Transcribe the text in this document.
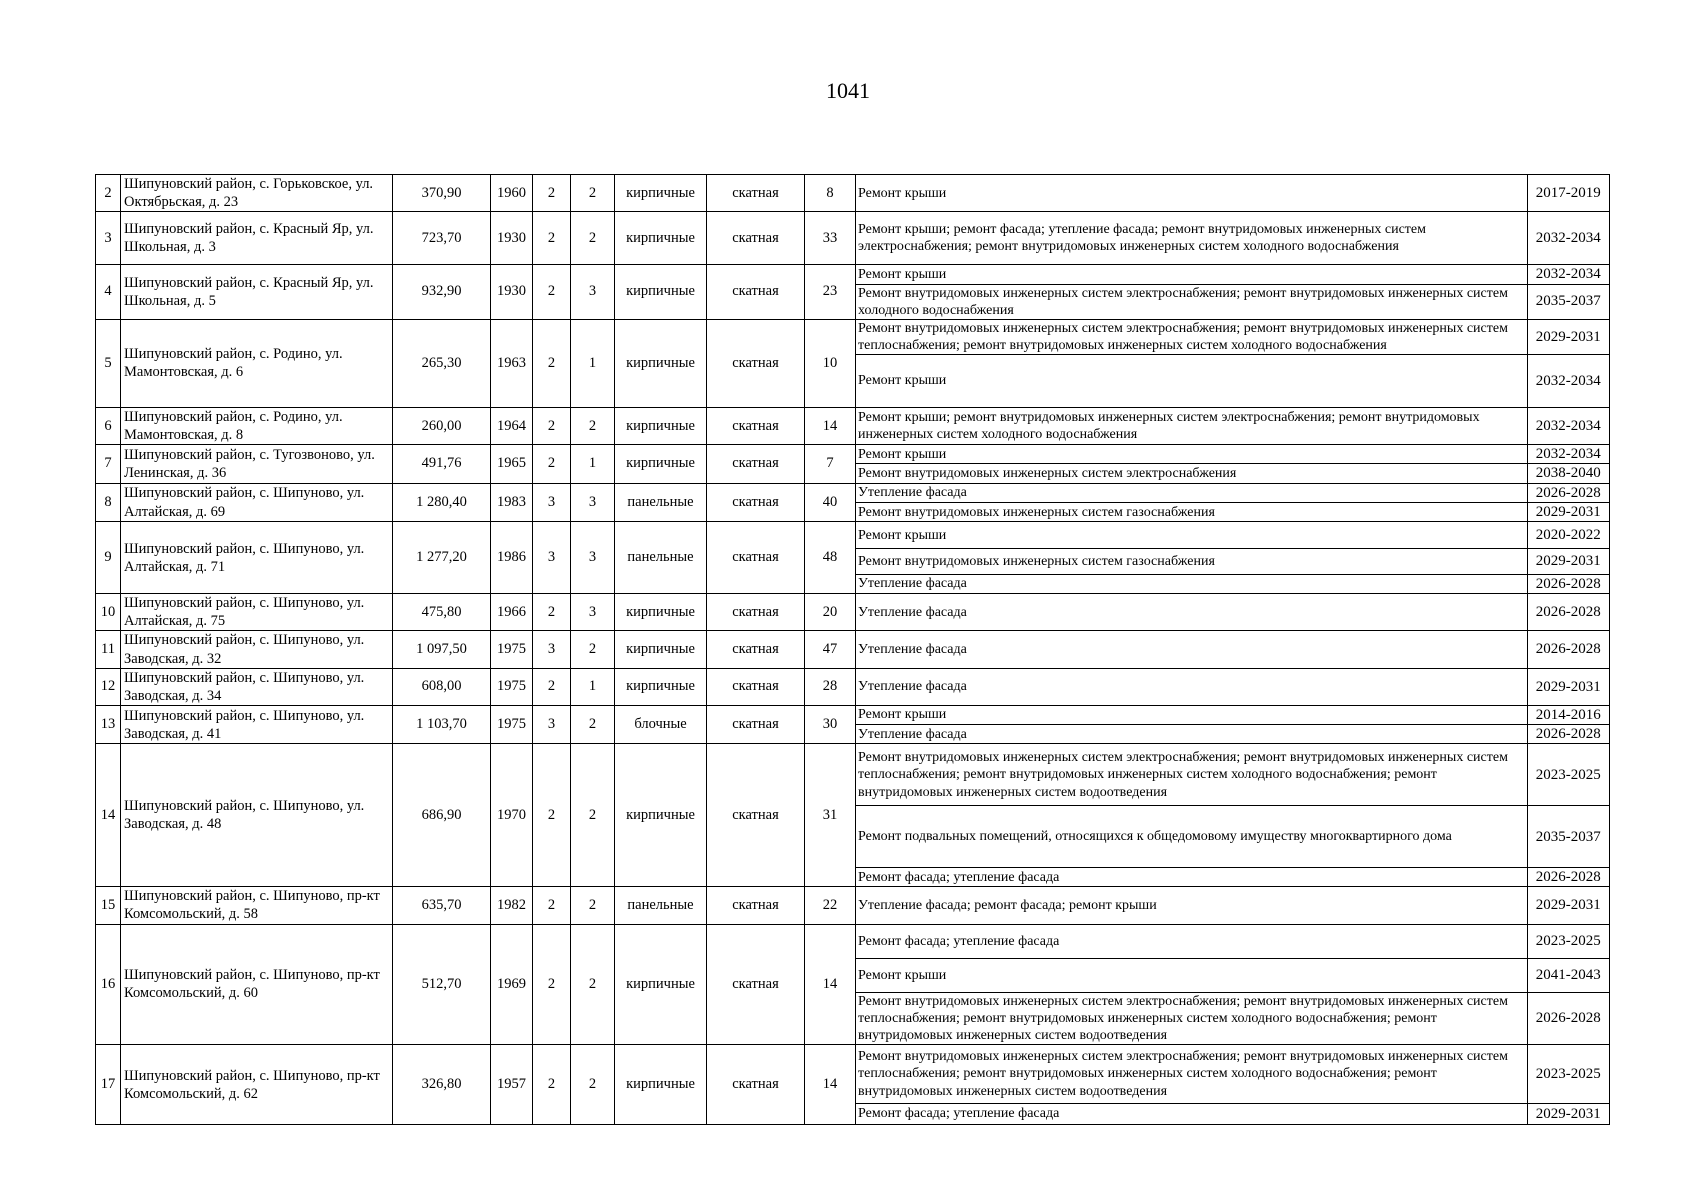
1041
2	Шипуновский район, с. Горьковское, ул. Октябрьская, д. 23	370,90	1960	2	2	кирпичные	скатная	8	Ремонт крыши	2017-2019

3	Шипуновский район, с. Красный Яр, ул. Школьная, д. 3	723,70	1930	2	2	кирпичные	скатная	33	
Ремонт крыши; ремонт фасада; утепление фасада; ремонт внутридомовых инженерных систем электроснабжения; ремонт внутридомовых инженерных систем холодного водоснабжения	2032-2034

4	Шипуновский район, с. Красный Яр, ул. Школьная, д. 5	932,90	1930	2	3	кирпичные	скатная	23	
Ремонт крыши	2032-2034
Ремонт внутридомовых инженерных систем электроснабжения; ремонт внутридомовых инженерных систем холодного водоснабжения	2035-2037

5	Шипуновский район, с. Родино, ул. Мамонтовская, д. 6	265,30	1963	2	1	кирпичные	скатная	10	
Ремонт внутридомовых инженерных систем электроснабжения; ремонт внутридомовых инженерных систем теплоснабжения; ремонт внутридомовых инженерных систем холодного водоснабжения	2029-2031
Ремонт крыши	2032-2034

6	Шипуновский район, с. Родино, ул. Мамонтовская, д. 8	260,00	1964	2	2	кирпичные	скатная	14	
Ремонт крыши; ремонт внутридомовых инженерных систем электроснабжения; ремонт внутридомовых инженерных систем холодного водоснабжения	2032-2034

7	Шипуновский район, с. Тугозвоново, ул. Ленинская, д. 36	491,76	1965	2	1	кирпичные	скатная	7	
Ремонт крыши	2032-2034
Ремонт внутридомовых инженерных систем электроснабжения	2038-2040

8	Шипуновский район, с. Шипуново, ул. Алтайская, д. 69	1 280,40	1983	3	3	панельные	скатная	40	
Утепление фасада	2026-2028
Ремонт внутридомовых инженерных систем газоснабжения	2029-2031

9	Шипуновский район, с. Шипуново, ул. Алтайская, д. 71	1 277,20	1986	3	3	панельные	скатная	48	
Ремонт крыши	2020-2022
Ремонт внутридомовых инженерных систем газоснабжения	2029-2031
Утепление фасада	2026-2028

10	Шипуновский район, с. Шипуново, ул. Алтайская, д. 75	475,80	1966	2	3	кирпичные	скатная	20	Утепление фасада	2026-2028

11	Шипуновский район, с. Шипуново, ул. Заводская, д. 32	1 097,50	1975	3	2	кирпичные	скатная	47	Утепление фасада	2026-2028

12	Шипуновский район, с. Шипуново, ул. Заводская, д. 34	608,00	1975	2	1	кирпичные	скатная	28	Утепление фасада	2029-2031

13	Шипуновский район, с. Шипуново, ул. Заводская, д. 41	1 103,70	1975	3	2	блочные	скатная	30	
Ремонт крыши	2014-2016
Утепление фасада	2026-2028

14	Шипуновский район, с. Шипуново, ул. Заводская, д. 48	686,90	1970	2	2	кирпичные	скатная	31	
Ремонт внутридомовых инженерных систем электроснабжения; ремонт внутридомовых инженерных систем теплоснабжения; ремонт внутридомовых инженерных систем холодного водоснабжения; ремонт внутридомовых инженерных систем водоотведения	2023-2025
Ремонт подвальных помещений, относящихся к общедомовому имуществу многоквартирного дома	2035-2037
Ремонт фасада; утепление фасада	2026-2028

15	Шипуновский район, с. Шипуново, пр-кт Комсомольский, д. 58	635,70	1982	2	2	панельные	скатная	22	Утепление фасада; ремонт фасада; ремонт крыши	2029-2031

16	Шипуновский район, с. Шипуново, пр-кт Комсомольский, д. 60	512,70	1969	2	2	кирпичные	скатная	14	
Ремонт фасада; утепление фасада	2023-2025
Ремонт крыши	2041-2043
Ремонт внутридомовых инженерных систем электроснабжения; ремонт внутридомовых инженерных систем теплоснабжения; ремонт внутридомовых инженерных систем холодного водоснабжения; ремонт внутридомовых инженерных систем водоотведения	2026-2028

17	Шипуновский район, с. Шипуново, пр-кт Комсомольский, д. 62	326,80	1957	2	2	кирпичные	скатная	14	
Ремонт внутридомовых инженерных систем электроснабжения; ремонт внутридомовых инженерных систем теплоснабжения; ремонт внутридомовых инженерных систем холодного водоснабжения; ремонт внутридомовых инженерных систем водоотведения	2023-2025
Ремонт фасада; утепление фасада	2029-2031
